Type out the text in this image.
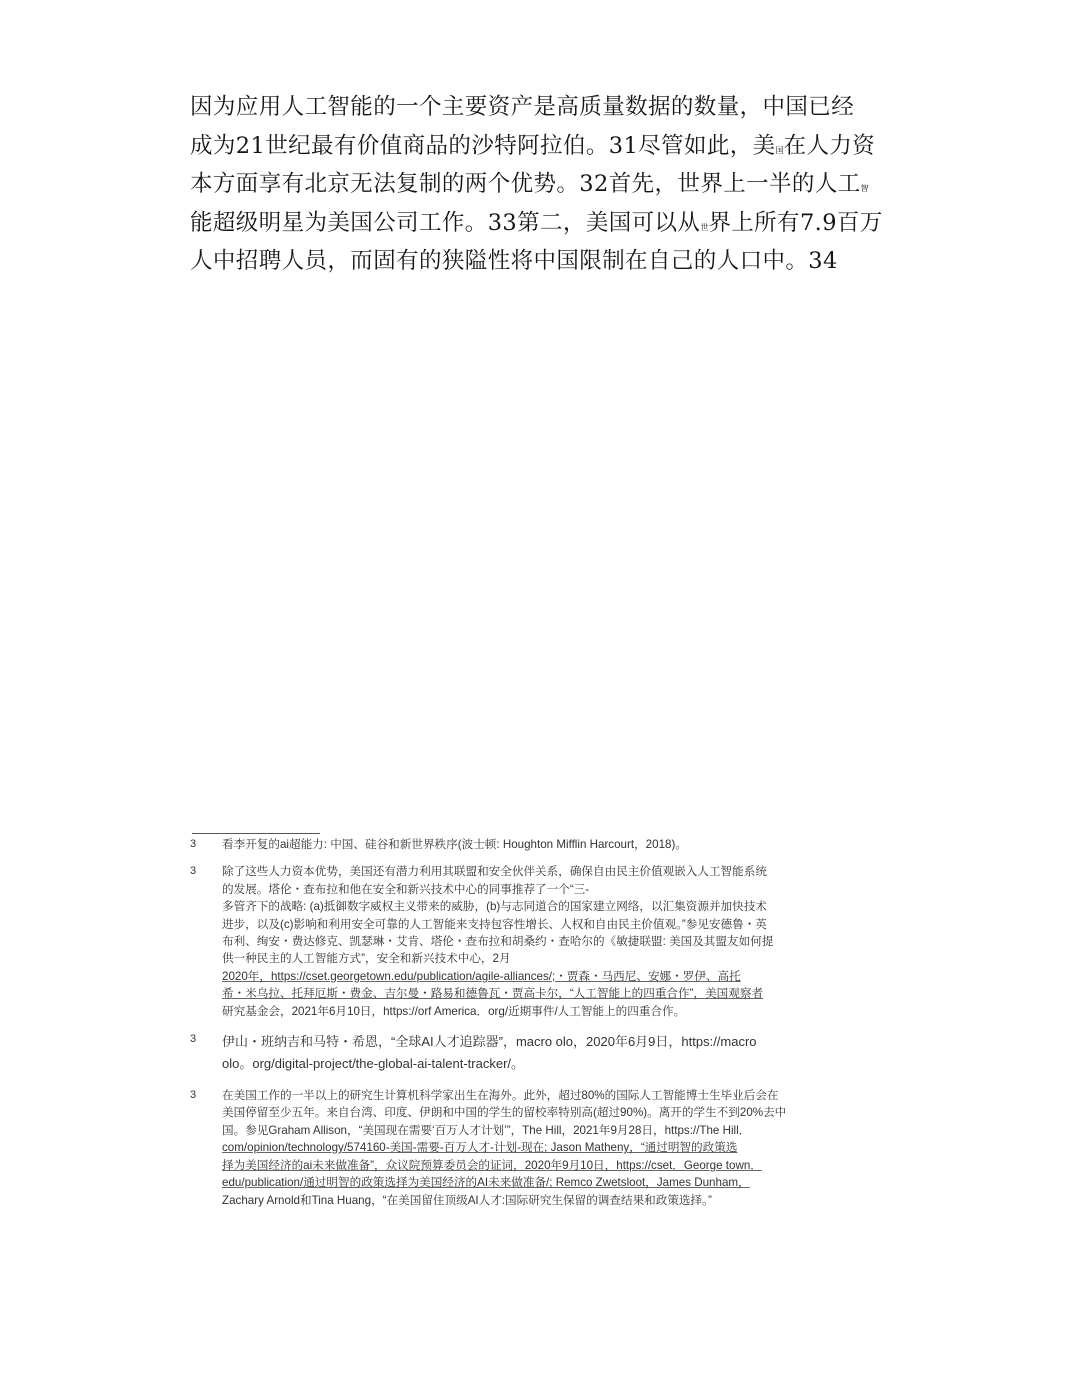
因为应用人工智能的一个主要资产是高质量数据的数量，中国已经
成为21世纪最有价值商品的沙特阿拉伯。31尽管如此，美国在人力资
本方面享有北京无法复制的两个优势。32首先，世界上一半的人工智
能超级明星为美国公司工作。33第二，美国可以从世界上所有7.9百万
人中招聘人员，而固有的狭隘性将中国限制在自己的人口中。34
3	看李开复的ai超能力: 中国、硅谷和新世界秩序(波士顿: Houghton Mifflin Harcourt，2018)。
3	除了这些人力资本优势，美国还有潜力利用其联盟和安全伙伴关系，确保自由民主价值观嵌入人工智能系统
的发展。塔伦・查布拉和他在安全和新兴技术中心的同事推荐了一个“三-
多管齐下的战略: (a)抵御数字威权主义带来的威胁，(b)与志同道合的国家建立网络，以汇集资源并加快技术
进步，以及(c)影响和利用安全可靠的人工智能来支持包容性增长、人权和自由民主价值观。”参见安德鲁・英
布利、绚安・费达修克、凯瑟琳・艾肯、塔伦・查布拉和胡桑约・查哈尔的《敏捷联盟: 美国及其盟友如何提
供一种民主的人工智能方式”，安全和新兴技术中心，2月
2020年，https://cset.georgetown.edu/publication/agile-alliances/;・贾森・马西尼、安娜・罗伊、高托
希・米乌拉、托拜厄斯・费金、吉尔曼・路易和德鲁瓦・贾高卡尔，“人工智能上的四重合作”，美国观察者
研究基金会，2021年6月10日，https://orf America．org/近期事件/人工智能上的四重合作。
3	伊山・班纳吉和马特・希恩，“全球AI人才追踪器”，macro olo，2020年6月9日，https://macro
olo。org/digital-project/the-global-ai-talent-tracker/。
3	在美国工作的一半以上的研究生计算机科学家出生在海外。此外，超过80%的国际人工智能博士生毕业后会在
美国停留至少五年。来自台湾、印度、伊朗和中国的学生的留校率特别高(超过90%)。离开的学生不到20%去中
国。参见Graham Allison，“美国现在需要‘百万人才计划’”，The Hill，2021年9月28日，https://The Hill．
com/opinion/technology/574160-美国-需要-百万人才-计划-现在; Jason Matheny，“通过明智的政策选
择为美国经济的ai未来做准备”，众议院预算委员会的证词，2020年9月10日，https://cset．George town．
edu/publication/通过明智的政策选择为美国经济的AI未来做准备/; Remco Zwetsloot，James Dunham，
Zachary Arnold和Tina Huang，“在美国留住顶级AI人才:国际研究生保留的调查结果和政策选择。”
